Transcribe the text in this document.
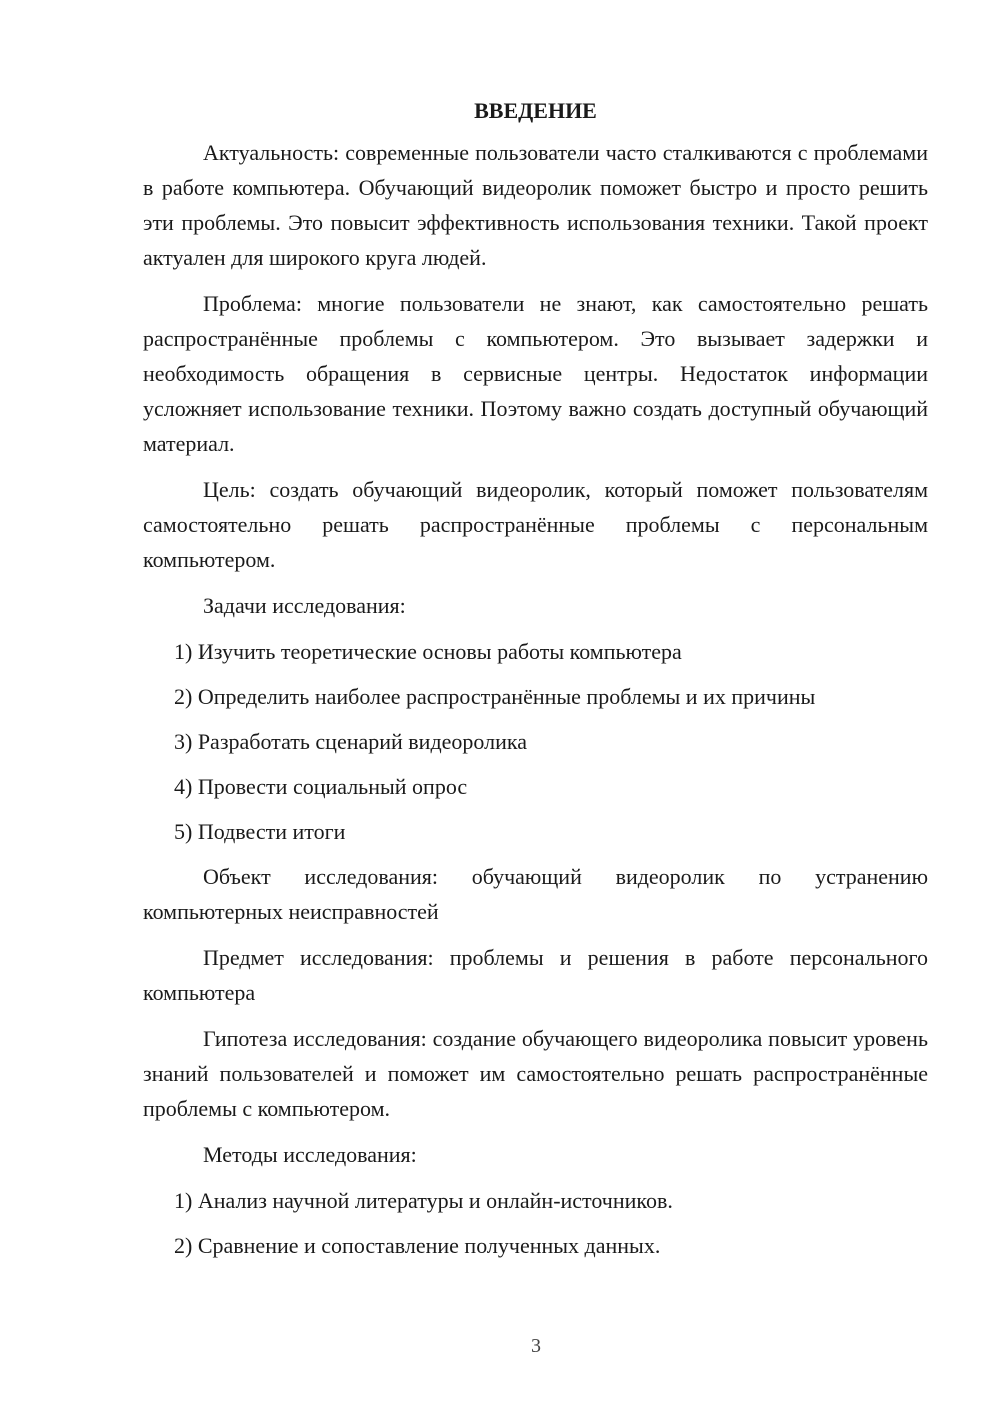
ВВЕДЕНИЕ

Актуальность: современные пользователи часто сталкиваются с проблемами в работе компьютера. Обучающий видеоролик поможет быстро и просто решить эти проблемы. Это повысит эффективность использования техники. Такой проект актуален для широкого круга людей.

Проблема: многие пользователи не знают, как самостоятельно решать распространённые проблемы с компьютером. Это вызывает задержки и необходимость обращения в сервисные центры. Недостаток информации усложняет использование техники. Поэтому важно создать доступный обучающий материал.

Цель: создать обучающий видеоролик, который поможет пользователям самостоятельно решать распространённые проблемы с персональным компьютером.

Задачи исследования:

1) Изучить теоретические основы работы компьютера
2) Определить наиболее распространённые проблемы и их причины
3) Разработать сценарий видеоролика
4) Провести социальный опрос
5) Подвести итоги

Объект исследования: обучающий видеоролик по устранению компьютерных неисправностей

Предмет исследования: проблемы и решения в работе персонального компьютера

Гипотеза исследования: создание обучающего видеоролика повысит уровень знаний пользователей и поможет им самостоятельно решать распространённые проблемы с компьютером.

Методы исследования:

1) Анализ научной литературы и онлайн-источников.
2) Сравнение и сопоставление полученных данных.
3
